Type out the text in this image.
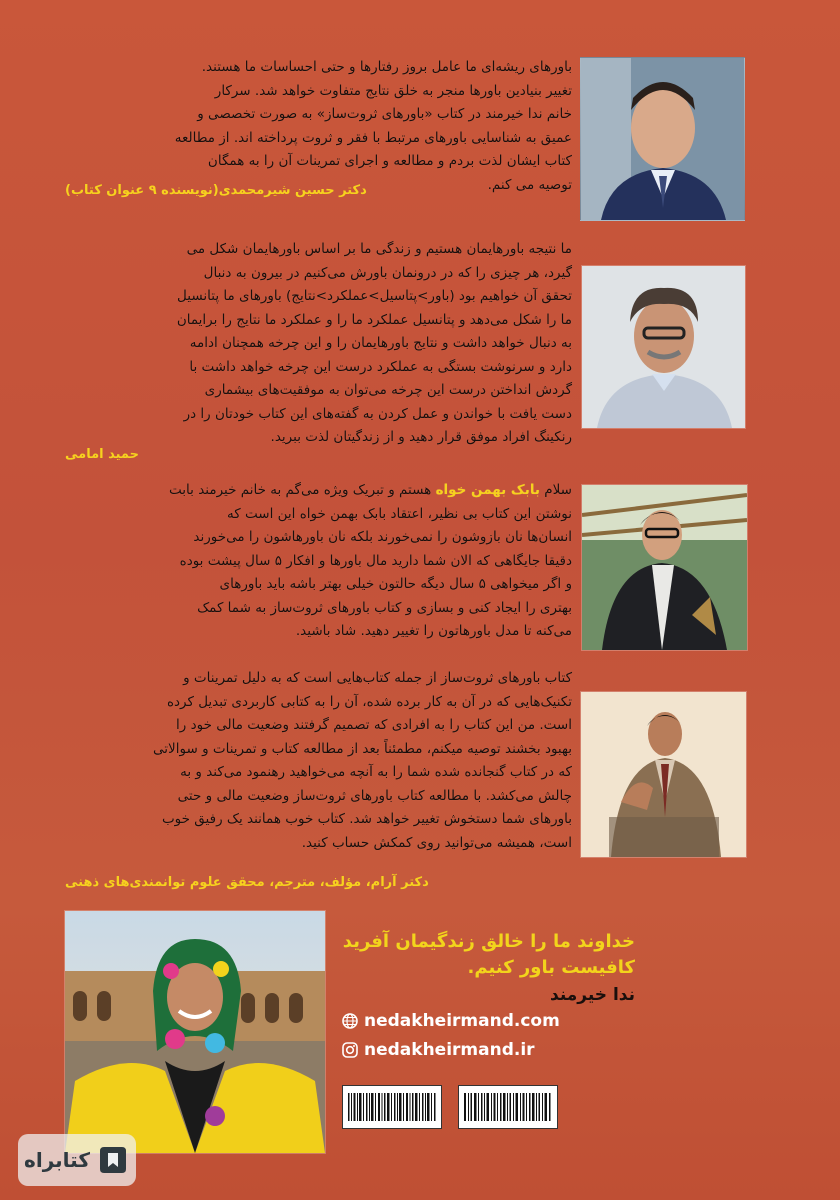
باورهای ریشه‌ای ما عامل بروز رفتارها و حتی احساسات ما هستند.
تغییر بنیادین باورها منجر به خلق نتایج متفاوت خواهد شد. سرکار
خانم ندا خیرمند در کتاب «باورهای ثروت‌ساز» به صورت تخصصی و
عمیق به شناسایی باورهای مرتبط با فقر و ثروت پرداخته اند. از مطالعه
کتاب ایشان لذت بردم و مطالعه و اجرای تمرینات آن را به همگان
توصیه می کنم.
دکتر حسین شیرمحمدی(نویسنده ۹ عنوان کتاب)
ما نتیجه باورهایمان هستیم و زندگی ما بر اساس باورهایمان شکل می
گیرد، هر چیزی را که در درونمان باورش می‌کنیم در بیرون به دنبال
تحقق آن خواهیم بود (باور>پتاسیل>عملکرد>نتایج) باورهای ما پتانسیل
ما را شکل می‌دهد و پتانسیل عملکرد ما را و عملکرد ما نتایج را برایمان
به دنبال خواهد داشت و نتایج باورهایمان را و این چرخه همچنان ادامه
دارد و سرنوشت بستگی به عملکرد درست این چرخه خواهد داشت با
گردش انداختن درست این چرخه می‌توان به موفقیت‌های بیشماری
دست یافت با خواندن و عمل کردن به گفته‌های این کتاب خودتان را در
رنکینگ افراد موفق قرار دهید و از زندگیتان لذت ببرید.
حمید امامی
سلام بابک بهمن خواه هستم و تبریک ویژه می‌گم به خانم خیرمند بابت
نوشتن این کتاب بی نظیر، اعتقاد بابک بهمن خواه این است که
انسان‌ها نان بازوشون را نمی‌خورند بلکه نان باورهاشون را می‌خورند
دقیقا جایگاهی که الان شما دارید مال باورها و افکار ۵ سال پیشت بوده
و اگر میخواهی ۵ سال دیگه حالتون خیلی بهتر باشه باید باورهای
بهتری را ایجاد کنی و بسازی و کتاب باورهای ثروت‌ساز به شما کمک
می‌کنه تا مدل باورهاتون را تغییر دهید. شاد باشید.
کتاب باورهای ثروت‌ساز از جمله کتاب‌هایی است که به دلیل تمرینات و
تکنیک‌هایی که در آن به کار برده شده، آن را به کتابی کاربردی تبدیل کرده
است. من این کتاب را به افرادی که تصمیم گرفتند وضعیت مالی خود را
بهبود بخشند توصیه میکنم، مطمئناً بعد از مطالعه کتاب و تمرینات و سوالاتی
که در کتاب گنجانده شده شما را به آنچه می‌خواهید رهنمود می‌کند و به
چالش می‌کشد. با مطالعه کتاب باورهای ثروت‌ساز وضعیت مالی و حتی
باورهای شما دستخوش تغییر خواهد شد. کتاب خوب همانند یک رفیق خوب
است، همیشه می‌توانید روی کمکش حساب کنید.
دکتر آرام، مؤلف، مترجم، محقق علوم توانمندی‌های ذهنی
خداوند ما را خالق زندگیمان آفرید
کافیست باور کنیم.
ندا خیرمند
nedakheirmand.com
nedakheirmand.ir
کتابراه
